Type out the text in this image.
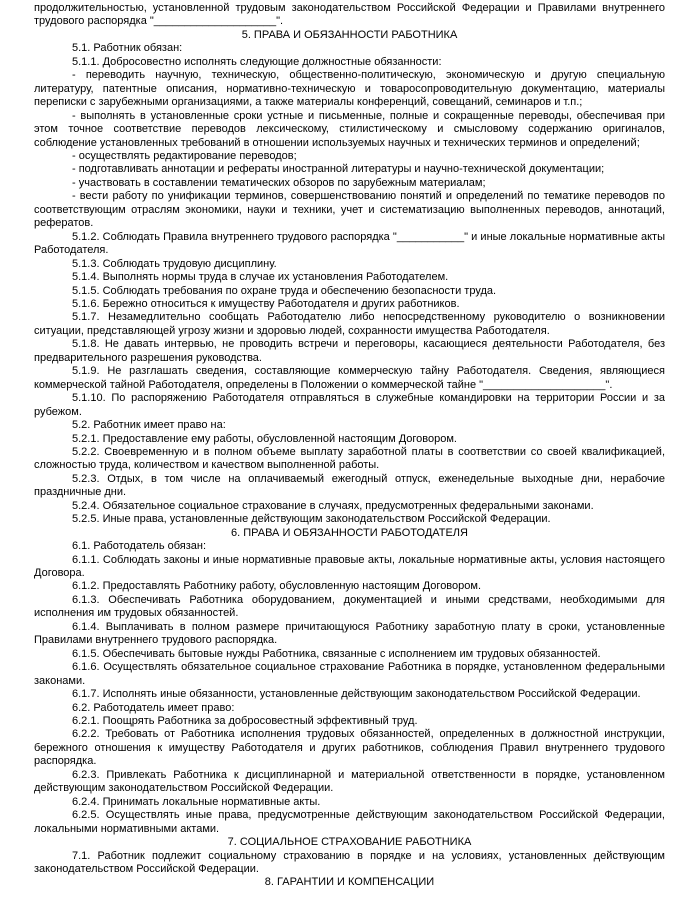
продолжительностью, установленной трудовым законодательством Российской Федерации и Правилами внутреннего трудового распорядка "____________________".

5. ПРАВА И ОБЯЗАННОСТИ РАБОТНИКА

5.1. Работник обязан:

5.1.1. Добросовестно исполнять следующие должностные обязанности:

- переводить научную, техническую, общественно-политическую, экономическую и другую специальную литературу, патентные описания, нормативно-техническую и товаросопроводительную документацию, материалы переписки с зарубежными организациями, а также материалы конференций, совещаний, семинаров и т.п.;

- выполнять в установленные сроки устные и письменные, полные и сокращенные переводы, обеспечивая при этом точное соответствие переводов лексическому, стилистическому и смысловому содержанию оригиналов, соблюдение установленных требований в отношении используемых научных и технических терминов и определений;

- осуществлять редактирование переводов;

- подготавливать аннотации и рефераты иностранной литературы и научно-технической документации;

- участвовать в составлении тематических обзоров по зарубежным материалам;

- вести работу по унификации терминов, совершенствованию понятий и определений по тематике переводов по соответствующим отраслям экономики, науки и техники, учет и систематизацию выполненных переводов, аннотаций, рефератов.

5.1.2. Соблюдать Правила внутреннего трудового распорядка "___________" и иные локальные нормативные акты Работодателя.

5.1.3. Соблюдать трудовую дисциплину.

5.1.4. Выполнять нормы труда в случае их установления Работодателем.

5.1.5. Соблюдать требования по охране труда и обеспечению безопасности труда.

5.1.6. Бережно относиться к имуществу Работодателя и других работников.

5.1.7. Незамедлительно сообщать Работодателю либо непосредственному руководителю о возникновении ситуации, представляющей угрозу жизни и здоровью людей, сохранности имущества Работодателя.

5.1.8. Не давать интервью, не проводить встречи и переговоры, касающиеся деятельности Работодателя, без предварительного разрешения руководства.

5.1.9. Не разглашать сведения, составляющие коммерческую тайну Работодателя. Сведения, являющиеся коммерческой тайной Работодателя, определены в Положении о коммерческой тайне "____________________".

5.1.10. По распоряжению Работодателя отправляться в служебные командировки на территории России и за рубежом.

5.2. Работник имеет право на:

5.2.1. Предоставление ему работы, обусловленной настоящим Договором.

5.2.2. Своевременную и в полном объеме выплату заработной платы в соответствии со своей квалификацией, сложностью труда, количеством и качеством выполненной работы.

5.2.3. Отдых, в том числе на оплачиваемый ежегодный отпуск, еженедельные выходные дни, нерабочие праздничные дни.

5.2.4. Обязательное социальное страхование в случаях, предусмотренных федеральными законами.

5.2.5. Иные права, установленные действующим законодательством Российской Федерации.

6. ПРАВА И ОБЯЗАННОСТИ РАБОТОДАТЕЛЯ

6.1. Работодатель обязан:

6.1.1. Соблюдать законы и иные нормативные правовые акты, локальные нормативные акты, условия настоящего Договора.

6.1.2. Предоставлять Работнику работу, обусловленную настоящим Договором.

6.1.3. Обеспечивать Работника оборудованием, документацией и иными средствами, необходимыми для исполнения им трудовых обязанностей.

6.1.4. Выплачивать в полном размере причитающуюся Работнику заработную плату в сроки, установленные Правилами внутреннего трудового распорядка.

6.1.5. Обеспечивать бытовые нужды Работника, связанные с исполнением им трудовых обязанностей.

6.1.6. Осуществлять обязательное социальное страхование Работника в порядке, установленном федеральными законами.

6.1.7. Исполнять иные обязанности, установленные действующим законодательством Российской Федерации.

6.2. Работодатель имеет право:

6.2.1. Поощрять Работника за добросовестный эффективный труд.

6.2.2. Требовать от Работника исполнения трудовых обязанностей, определенных в должностной инструкции, бережного отношения к имуществу Работодателя и других работников, соблюдения Правил внутреннего трудового распорядка.

6.2.3. Привлекать Работника к дисциплинарной и материальной ответственности в порядке, установленном действующим законодательством Российской Федерации.

6.2.4. Принимать локальные нормативные акты.

6.2.5. Осуществлять иные права, предусмотренные действующим законодательством Российской Федерации, локальными нормативными актами.

7. СОЦИАЛЬНОЕ СТРАХОВАНИЕ РАБОТНИКА

7.1. Работник подлежит социальному страхованию в порядке и на условиях, установленных действующим законодательством Российской Федерации.

8. ГАРАНТИИ И КОМПЕНСАЦИИ
